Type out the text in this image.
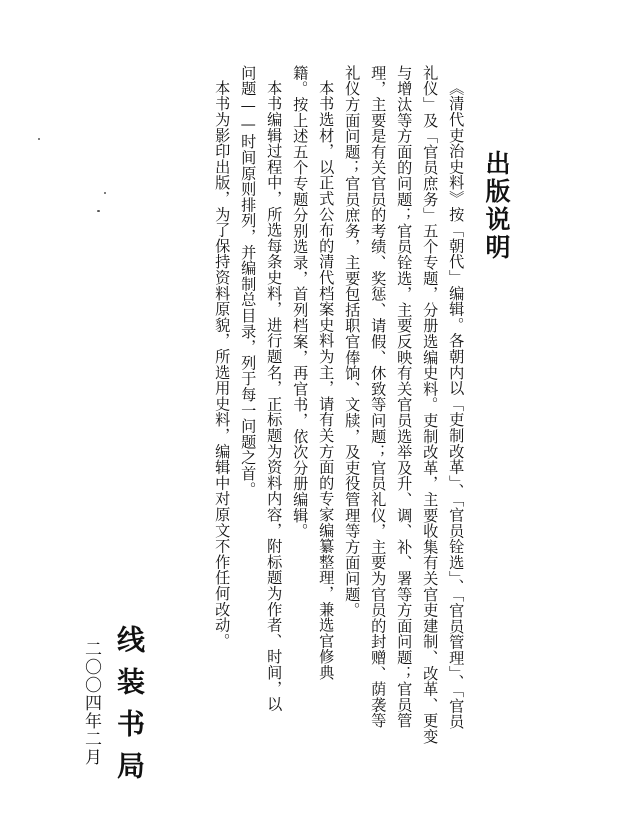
出版说明
《清代吏治史料》按「朝代」编辑。各朝内以「吏制改革」、「官员铨选」、「官员管理」、「官员
礼仪」及「官员庶务」五个专题，分册选编史料。吏制改革，主要收集有关官吏建制、改革、更变
与增汰等方面的问题；官员铨选，主要反映有关官员选举及升、调、补、署等方面问题；官员管
理，主要是有关官员的考绩、奖惩、请假、休致等问题；官员礼仪，主要为官员的封赠、荫袭等
礼仪方面问题；官员庶务，主要包括职官俸饷、文牍，及吏役管理等方面问题。
本书选材，以正式公布的清代档案史料为主，请有关方面的专家编纂整理，兼选官修典
籍。按上述五个专题分别选录，首列档案，再官书，依次分册编辑。
本书编辑过程中，所选每条史料，进行题名，正标题为资料内容，附标题为作者、时间，以
问题——时间原则排列，并编制总目录，列于每一问题之首。
本书为影印出版，为了保持资料原貌，所选用史料，编辑中对原文不作任何改动。
线装书局
二〇〇四年二月
